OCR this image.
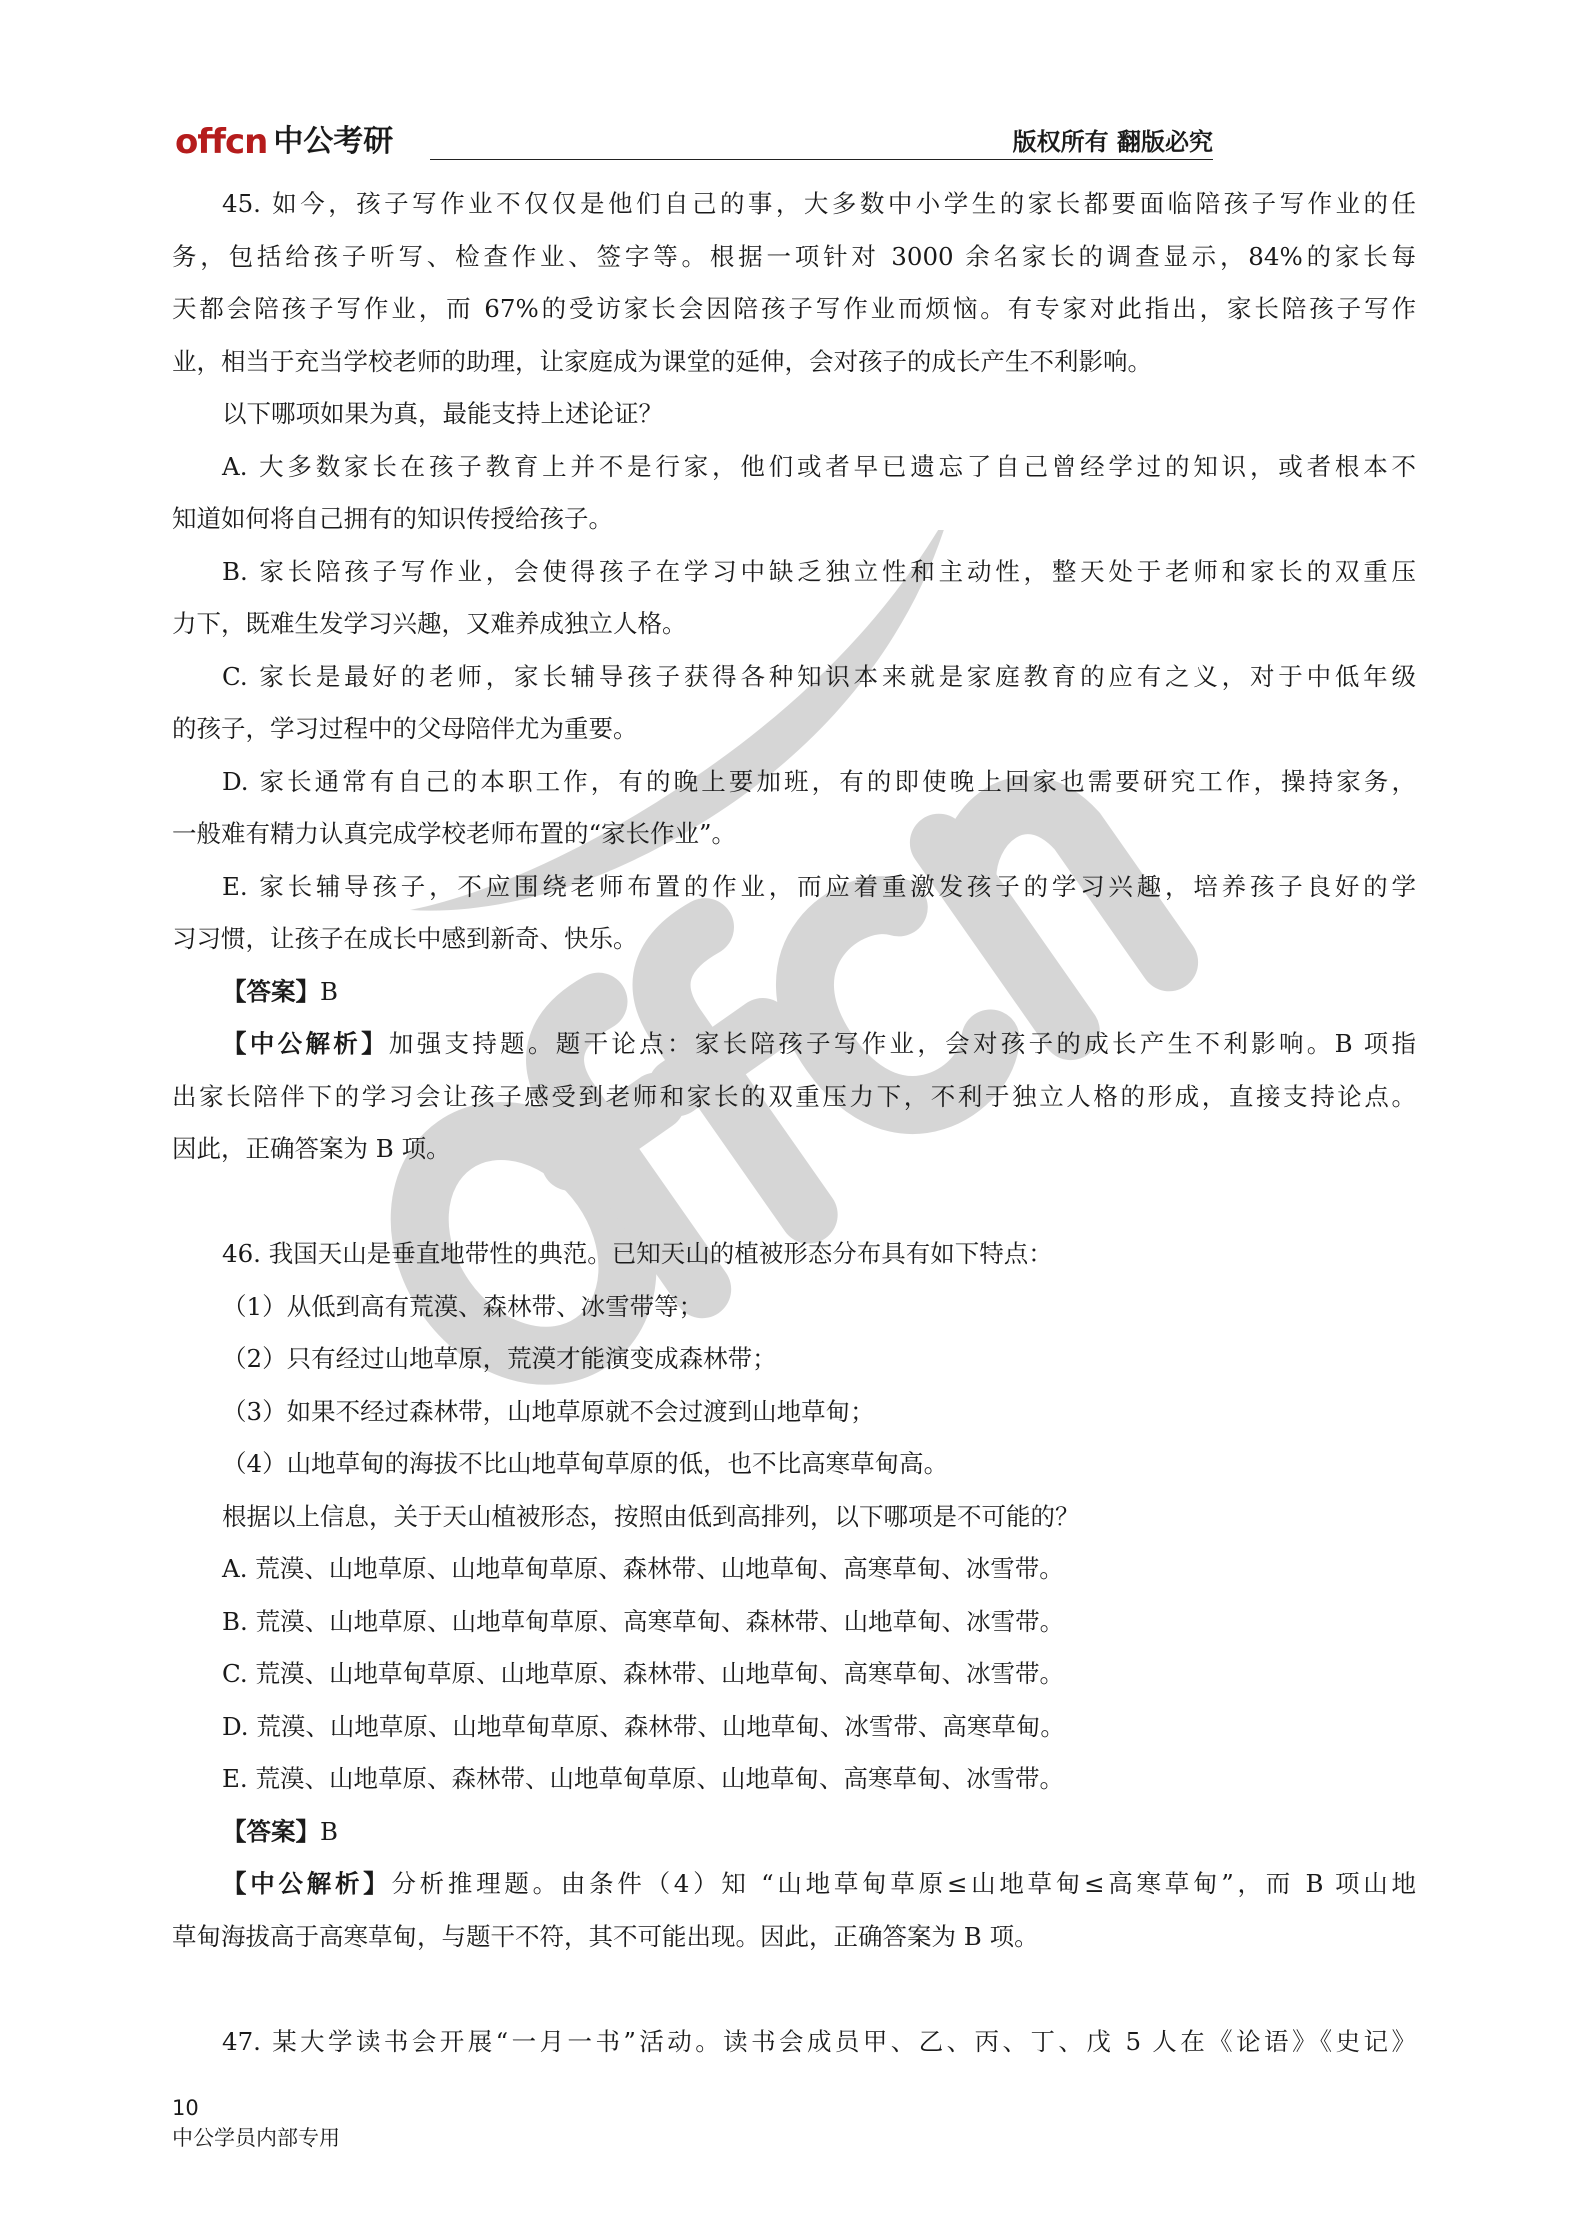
offcn 中公考研	版权所有 翻版必究
45. 如今，孩子写作业不仅仅是他们自己的事，大多数中小学生的家长都要面临陪孩子写作业的任
务，包括给孩子听写、检查作业、签字等。根据一项针对 3000 余名家长的调查显示，84%的家长每
天都会陪孩子写作业，而 67%的受访家长会因陪孩子写作业而烦恼。有专家对此指出，家长陪孩子写作
业，相当于充当学校老师的助理，让家庭成为课堂的延伸，会对孩子的成长产生不利影响。
以下哪项如果为真，最能支持上述论证？
A. 大多数家长在孩子教育上并不是行家，他们或者早已遗忘了自己曾经学过的知识，或者根本不
知道如何将自己拥有的知识传授给孩子。
B. 家长陪孩子写作业，会使得孩子在学习中缺乏独立性和主动性，整天处于老师和家长的双重压
力下，既难生发学习兴趣，又难养成独立人格。
C. 家长是最好的老师，家长辅导孩子获得各种知识本来就是家庭教育的应有之义，对于中低年级
的孩子，学习过程中的父母陪伴尤为重要。
D. 家长通常有自己的本职工作，有的晚上要加班，有的即使晚上回家也需要研究工作，操持家务，
一般难有精力认真完成学校老师布置的“家长作业”。
E. 家长辅导孩子，不应围绕老师布置的作业，而应着重激发孩子的学习兴趣，培养孩子良好的学
习习惯，让孩子在成长中感到新奇、快乐。
【答案】B
【中公解析】加强支持题。题干论点：家长陪孩子写作业，会对孩子的成长产生不利影响。B 项指
出家长陪伴下的学习会让孩子感受到老师和家长的双重压力下，不利于独立人格的形成，直接支持论点。
因此，正确答案为 B 项。
46. 我国天山是垂直地带性的典范。已知天山的植被形态分布具有如下特点：
（1）从低到高有荒漠、森林带、冰雪带等；
（2）只有经过山地草原，荒漠才能演变成森林带；
（3）如果不经过森林带，山地草原就不会过渡到山地草甸；
（4）山地草甸的海拔不比山地草甸草原的低，也不比高寒草甸高。
根据以上信息，关于天山植被形态，按照由低到高排列，以下哪项是不可能的？
A. 荒漠、山地草原、山地草甸草原、森林带、山地草甸、高寒草甸、冰雪带。
B. 荒漠、山地草原、山地草甸草原、高寒草甸、森林带、山地草甸、冰雪带。
C. 荒漠、山地草甸草原、山地草原、森林带、山地草甸、高寒草甸、冰雪带。
D. 荒漠、山地草原、山地草甸草原、森林带、山地草甸、冰雪带、高寒草甸。
E. 荒漠、山地草原、森林带、山地草甸草原、山地草甸、高寒草甸、冰雪带。
【答案】B
【中公解析】分析推理题。由条件（4）知 “山地草甸草原≤山地草甸≤高寒草甸”，而 B 项山地
草甸海拔高于高寒草甸，与题干不符，其不可能出现。因此，正确答案为 B 项。
47. 某大学读书会开展“一月一书”活动。读书会成员甲、乙、丙、丁、戊 5 人在《论语》《史记》
10
中公学员内部专用
